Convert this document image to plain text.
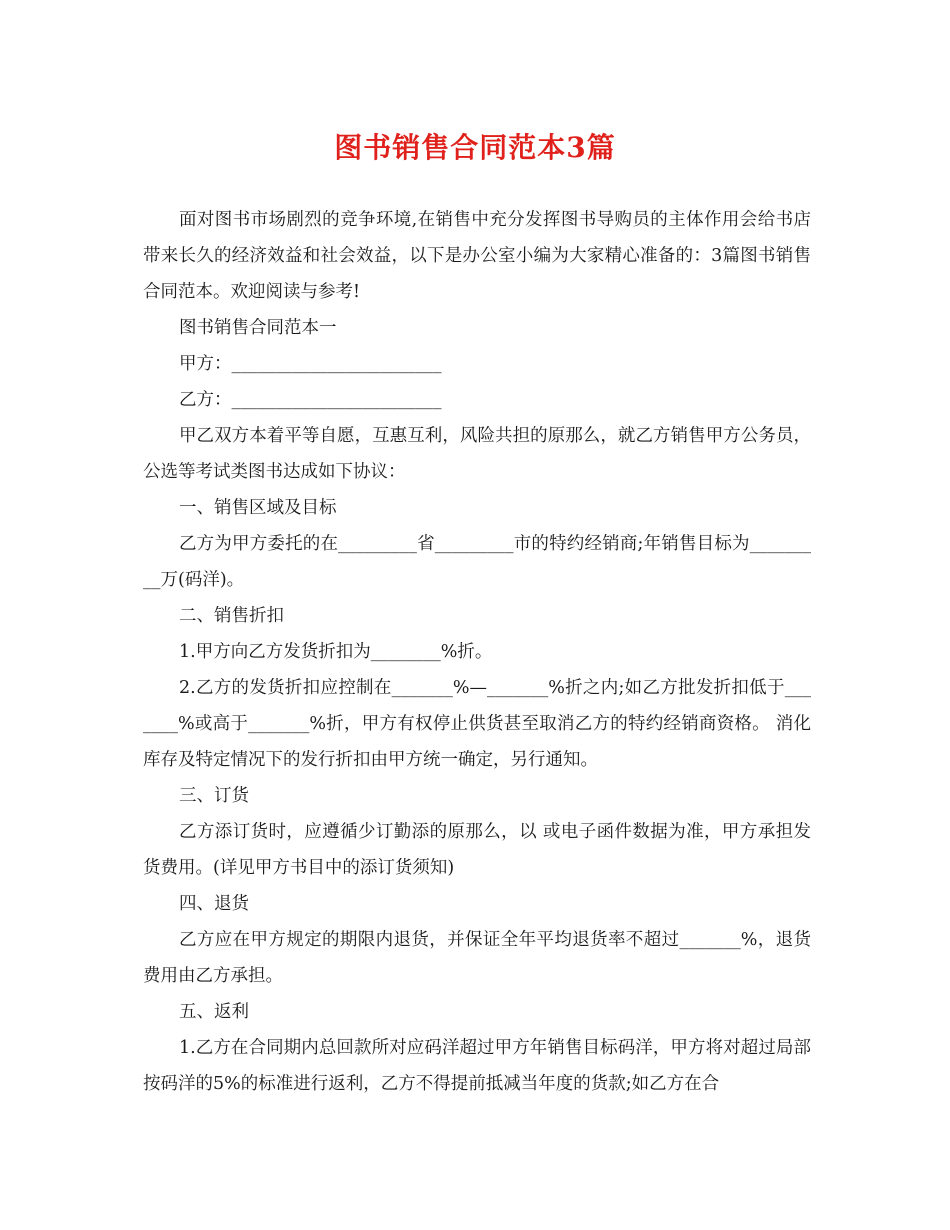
图书销售合同范本3篇

面对图书市场剧烈的竞争环境,在销售中充分发挥图书导购员的主体作用会给书店带来长久的经济效益和社会效益，以下是办公室小编为大家精心准备的：3篇图书销售合同范本。欢迎阅读与参考!

图书销售合同范本一

甲方：________________________

乙方：________________________

甲乙双方本着平等自愿，互惠互利，风险共担的原那么，就乙方销售甲方公务员，公选等考试类图书达成如下协议：

一、销售区域及目标

乙方为甲方委托的在_________省_________市的特约经销商;年销售目标为_________万(码洋)。

二、销售折扣

1.甲方向乙方发货折扣为________%折。

2.乙方的发货折扣应控制在_______%—_______%折之内;如乙方批发折扣低于_______%或高于_______%折，甲方有权停止供货甚至取消乙方的特约经销商资格。 消化库存及特定情况下的发行折扣由甲方统一确定，另行通知。

三、订货

乙方添订货时，应遵循少订勤添的原那么，以 或电子函件数据为准，甲方承担发货费用。(详见甲方书目中的添订货须知)

四、退货

乙方应在甲方规定的期限内退货，并保证全年平均退货率不超过_______%，退货费用由乙方承担。

五、返利

1.乙方在合同期内总回款所对应码洋超过甲方年销售目标码洋，甲方将对超过局部按码洋的5%的标准进行返利，乙方不得提前抵减当年度的货款;如乙方在合
